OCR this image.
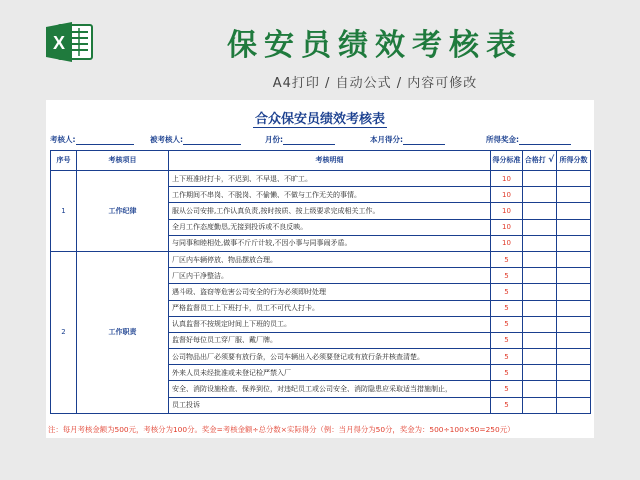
X	保安员绩效考核表
A4打印 / 自动公式 / 内容可修改
合众保安员绩效考核表
考核人:	被考核人:	月份:	本月得分:	所得奖金:
序号	考核项目	考核明细	得分标准	合格打 √	所得分数
1	工作纪律	上下班准时打卡，不迟到、不早退、不旷工。	10		
		工作期间不串岗、不脱岗、不偷懒、不做与工作无关的事情。	10		
		服从公司安排,工作认真负责,按时按质、按上级要求完成相关工作。	10		
		全月工作态度勤恳,无接到投诉或不良反映。	10		
		与同事和睦相处,做事不斤斤计较,不因小事与同事闹矛盾。	10		
2	工作职责	厂区内车辆停放、物品摆放合理。	5		
		厂区内干净整洁。	5		
		遇斗殴、盗窃等危害公司安全的行为必须即时处理	5		
		严格监督员工上下班打卡，员工不可代人打卡。	5		
		认真监督不按规定时间上下班的员工。	5		
		监督好每位员工穿厂服、戴厂牌。	5		
		公司物品出厂必须要有放行条，公司车辆出入必须要登记或有放行条并核查清楚。	5		
		外来人员未经批准或未登记检严禁入厂	5		
		安全、消防设施检查、保养到位，对违纪员工或公司安全、消防隐患应采取适当措施制止，	5		
		员工投诉	5		
注：每月考核金额为500元，考核分为100分。奖金=考核金额÷总分数×实际得分（例：当月得分为50分，奖金为：500÷100×50=250元）
